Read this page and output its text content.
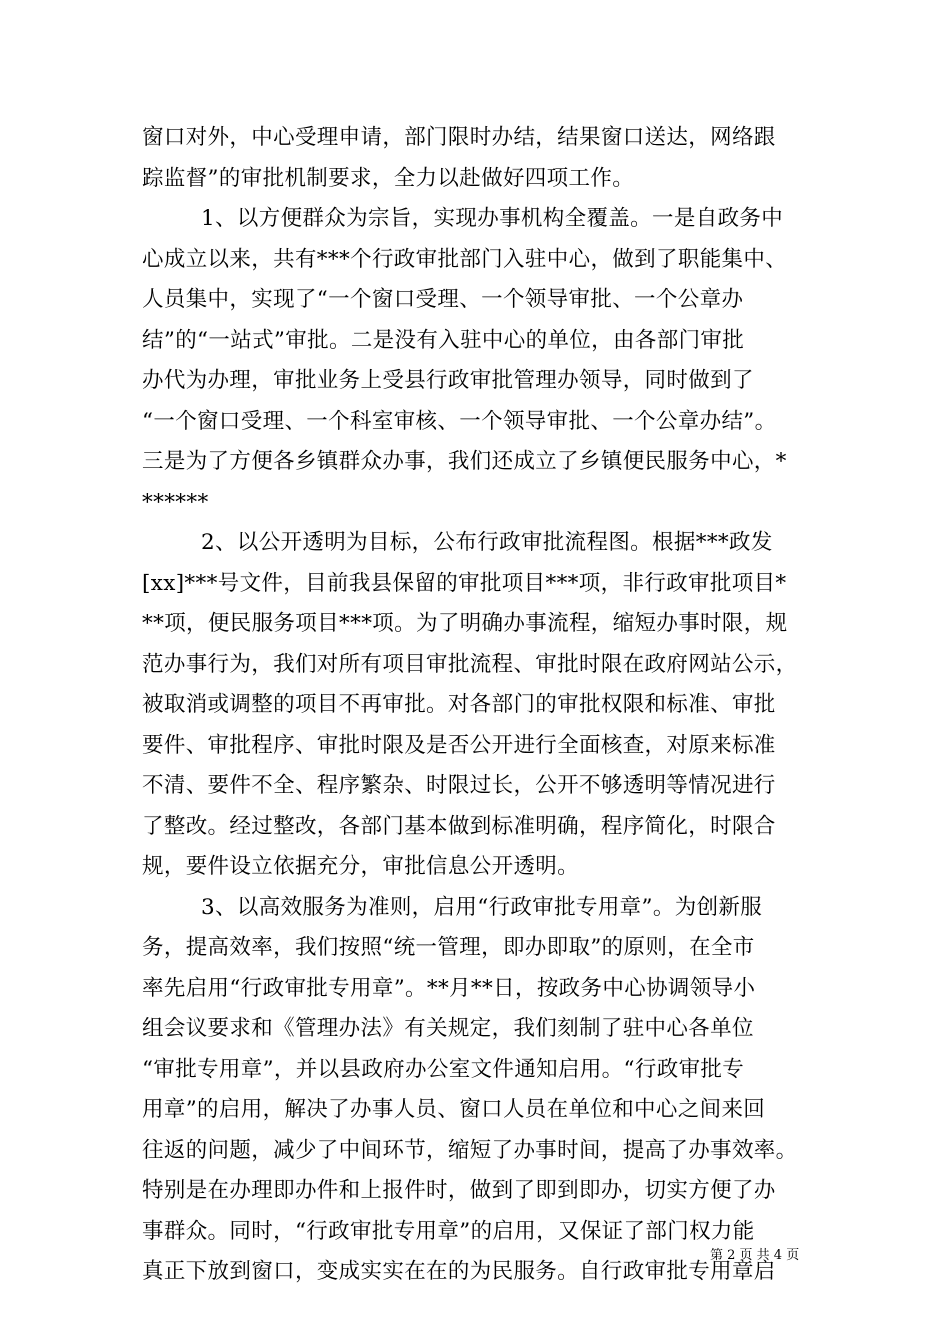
窗口对外，中心受理申请，部门限时办结，结果窗口送达，网络跟
踪监督”的审批机制要求，全力以赴做好四项工作。
1、以方便群众为宗旨，实现办事机构全覆盖。一是自政务中
心成立以来，共有***个行政审批部门入驻中心，做到了职能集中、
人员集中，实现了“一个窗口受理、一个领导审批、一个公章办
结”的“一站式”审批。二是没有入驻中心的单位，由各部门审批
办代为办理，审批业务上受县行政审批管理办领导，同时做到了
“一个窗口受理、一个科室审核、一个领导审批、一个公章办结”。
三是为了方便各乡镇群众办事，我们还成立了乡镇便民服务中心，*
******
2、以公开透明为目标，公布行政审批流程图。根据***政发
[xx]***号文件，目前我县保留的审批项目***项，非行政审批项目*
**项，便民服务项目***项。为了明确办事流程，缩短办事时限，规
范办事行为，我们对所有项目审批流程、审批时限在政府网站公示，
被取消或调整的项目不再审批。对各部门的审批权限和标准、审批
要件、审批程序、审批时限及是否公开进行全面核查，对原来标准
不清、要件不全、程序繁杂、时限过长，公开不够透明等情况进行
了整改。经过整改，各部门基本做到标准明确，程序简化，时限合
规，要件设立依据充分，审批信息公开透明。
3、以高效服务为准则，启用“行政审批专用章”。为创新服
务，提高效率，我们按照“统一管理，即办即取”的原则，在全市
率先启用“行政审批专用章”。**月**日，按政务中心协调领导小
组会议要求和《管理办法》有关规定，我们刻制了驻中心各单位
“审批专用章”，并以县政府办公室文件通知启用。“行政审批专
用章”的启用，解决了办事人员、窗口人员在单位和中心之间来回
往返的问题，减少了中间环节，缩短了办事时间，提高了办事效率。
特别是在办理即办件和上报件时，做到了即到即办，切实方便了办
事群众。同时，“行政审批专用章”的启用，又保证了部门权力能
真正下放到窗口，变成实实在在的为民服务。自行政审批专用章启
第 2 页 共 4 页
